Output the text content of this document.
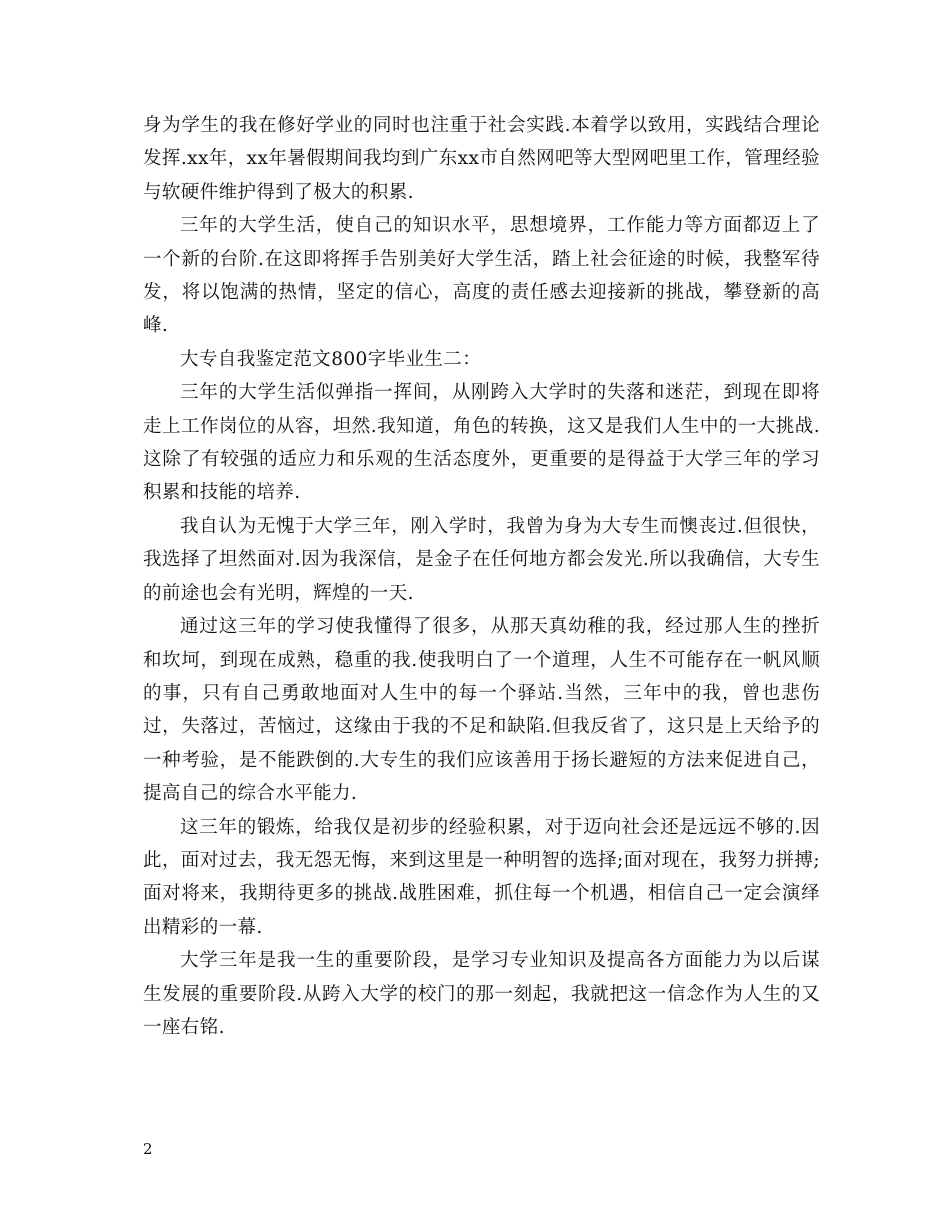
身为学生的我在修好学业的同时也注重于社会实践.本着学以致用，实践结合理论发挥.xx年，xx年暑假期间我均到广东xx市自然网吧等大型网吧里工作，管理经验与软硬件维护得到了极大的积累.

三年的大学生活，使自己的知识水平，思想境界，工作能力等方面都迈上了一个新的台阶.在这即将挥手告别美好大学生活，踏上社会征途的时候，我整军待发，将以饱满的热情，坚定的信心，高度的责任感去迎接新的挑战，攀登新的高峰.

大专自我鉴定范文800字毕业生二：

三年的大学生活似弹指一挥间，从刚跨入大学时的失落和迷茫，到现在即将走上工作岗位的从容，坦然.我知道，角色的转换，这又是我们人生中的一大挑战.这除了有较强的适应力和乐观的生活态度外，更重要的是得益于大学三年的学习积累和技能的培养.

我自认为无愧于大学三年，刚入学时，我曾为身为大专生而懊丧过.但很快，我选择了坦然面对.因为我深信，是金子在任何地方都会发光.所以我确信，大专生的前途也会有光明，辉煌的一天.

通过这三年的学习使我懂得了很多，从那天真幼稚的我，经过那人生的挫折和坎坷，到现在成熟，稳重的我.使我明白了一个道理，人生不可能存在一帆风顺的事，只有自己勇敢地面对人生中的每一个驿站.当然，三年中的我，曾也悲伤过，失落过，苦恼过，这缘由于我的不足和缺陷.但我反省了，这只是上天给予的一种考验，是不能跌倒的.大专生的我们应该善用于扬长避短的方法来促进自己，提高自己的综合水平能力.

这三年的锻炼，给我仅是初步的经验积累，对于迈向社会还是远远不够的.因此，面对过去，我无怨无悔，来到这里是一种明智的选择;面对现在，我努力拼搏;面对将来，我期待更多的挑战.战胜困难，抓住每一个机遇，相信自己一定会演绎出精彩的一幕.

大学三年是我一生的重要阶段，是学习专业知识及提高各方面能力为以后谋生发展的重要阶段.从跨入大学的校门的那一刻起，我就把这一信念作为人生的又一座右铭.

2
